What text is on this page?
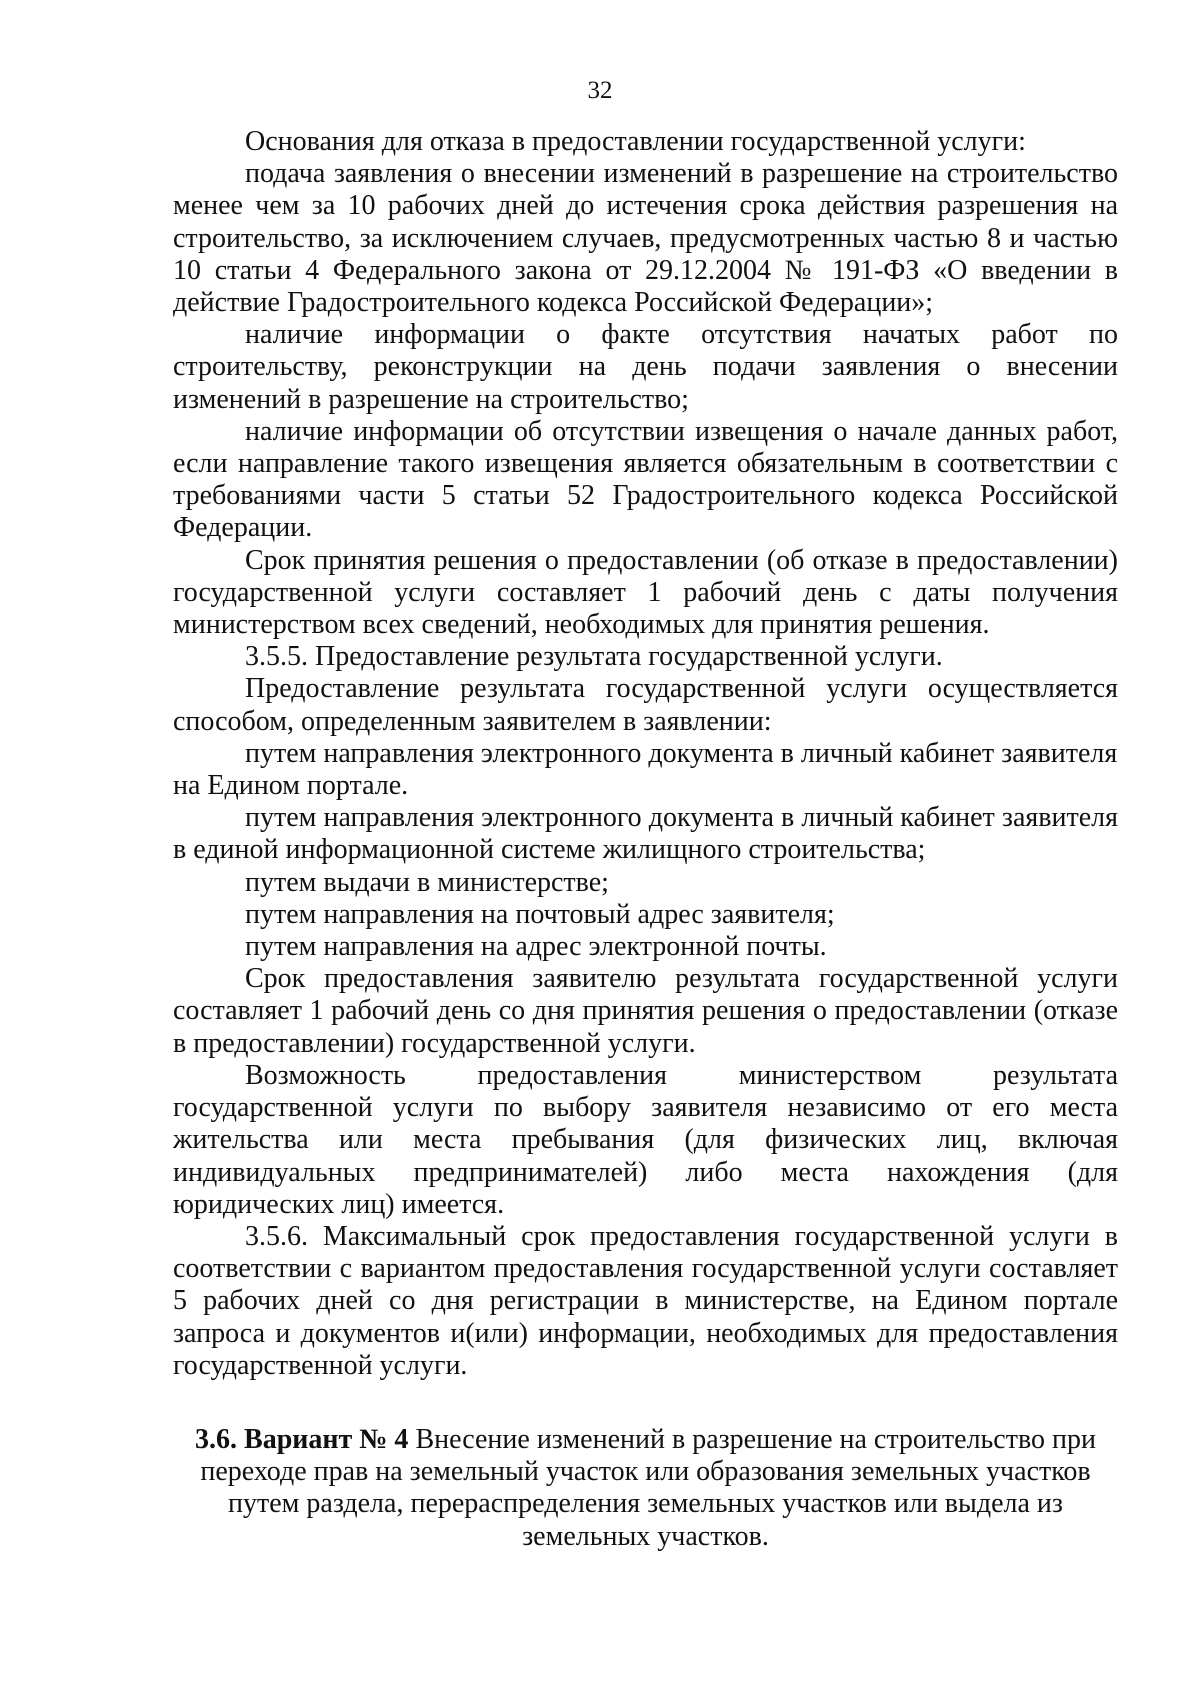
32

Основания для отказа в предоставлении государственной услуги:

подача заявления о внесении изменений в разрешение на строительство менее чем за 10 рабочих дней до истечения срока действия разрешения на строительство, за исключением случаев, предусмотренных частью 8 и частью 10 статьи 4 Федерального закона от 29.12.2004 № 191-ФЗ «О введении в действие Градостроительного кодекса Российской Федерации»;

наличие информации о факте отсутствия начатых работ по строительству, реконструкции на день подачи заявления о внесении изменений в разрешение на строительство;

наличие информации об отсутствии извещения о начале данных работ, если направление такого извещения является обязательным в соответствии с требованиями части 5 статьи 52 Градостроительного кодекса Российской Федерации.

Срок принятия решения о предоставлении (об отказе в предоставлении) государственной услуги составляет 1 рабочий день с даты получения министерством всех сведений, необходимых для принятия решения.

3.5.5. Предоставление результата государственной услуги.

Предоставление результата государственной услуги осуществляется способом, определенным заявителем в заявлении:

путем направления электронного документа в личный кабинет заявителя на Едином портале.

путем направления электронного документа в личный кабинет заявителя в единой информационной системе жилищного строительства;

путем выдачи в министерстве;

путем направления на почтовый адрес заявителя;

путем направления на адрес электронной почты.

Срок предоставления заявителю результата государственной услуги составляет 1 рабочий день со дня принятия решения о предоставлении (отказе в предоставлении) государственной услуги.

Возможность предоставления министерством результата государственной услуги по выбору заявителя независимо от его места жительства или места пребывания (для физических лиц, включая индивидуальных предпринимателей) либо места нахождения (для юридических лиц) имеется.

3.5.6. Максимальный срок предоставления государственной услуги в соответствии с вариантом предоставления государственной услуги составляет 5 рабочих дней со дня регистрации в министерстве, на Едином портале запроса и документов и(или) информации, необходимых для предоставления государственной услуги.

3.6. Вариант № 4 Внесение изменений в разрешение на строительство при переходе прав на земельный участок или образования земельных участков путем раздела, перераспределения земельных участков или выдела из земельных участков.
